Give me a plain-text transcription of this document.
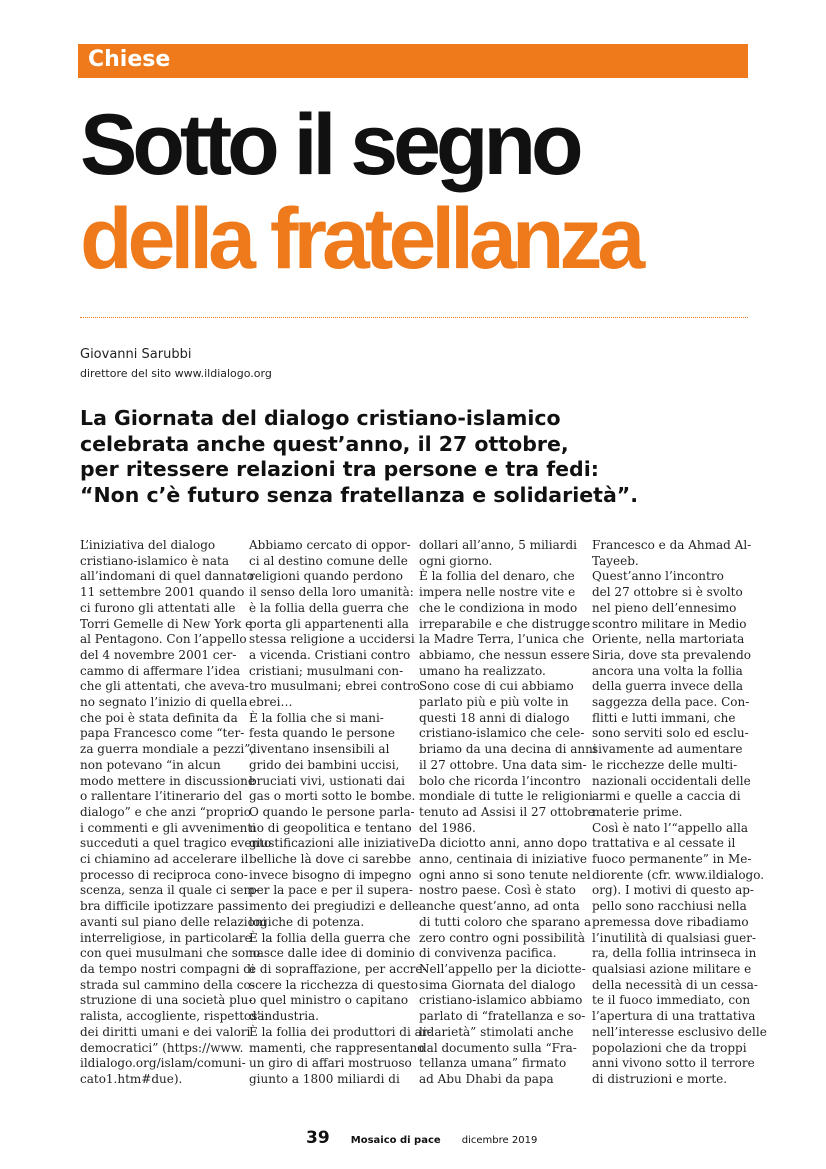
Chiese
Sotto il segno
della fratellanza
Giovanni Sarubbi
direttore del sito www.ildialogo.org
La Giornata del dialogo cristiano-islamico
celebrata anche quest’anno, il 27 ottobre,
per ritessere relazioni tra persone e tra fedi:
“Non c’è futuro senza fratellanza e solidarietà”.
L’iniziativa del dialogo
cristiano-islamico è nata
all’indomani di quel dannato
11 settembre 2001 quando
ci furono gli attentati alle
Torri Gemelle di New York e
al Pentagono. Con l’appello
del 4 novembre 2001 cer-
cammo di affermare l’idea
che gli attentati, che aveva-
no segnato l’inizio di quella
che poi è stata definita da
papa Francesco come “ter-
za guerra mondiale a pezzi”,
non potevano “in alcun
modo mettere in discussione
o rallentare l’itinerario del
dialogo” e che anzi “proprio
i commenti e gli avvenimenti
succeduti a quel tragico evento
ci chiamino ad accelerare il
processo di reciproca cono-
scenza, senza il quale ci sem-
bra difficile ipotizzare passi
avanti sul piano delle relazioni
interreligiose, in particolare
con quei musulmani che sono
da tempo nostri compagni di
strada sul cammino della co-
struzione di una società plu-
ralista, accogliente, rispettosa
dei diritti umani e dei valori
democratici” (https://www.
ildialogo.org/islam/comuni-
cato1.htm#due).
Abbiamo cercato di oppor-
ci al destino comune delle
religioni quando perdono
il senso della loro umanità:
è la follia della guerra che
porta gli appartenenti alla
stessa religione a uccidersi
a vicenda. Cristiani contro
cristiani; musulmani con-
tro musulmani; ebrei contro
ebrei…
È la follia che si mani-
festa quando le persone
diventano insensibili al
grido dei bambini uccisi,
bruciati vivi, ustionati dai
gas o morti sotto le bombe.
O quando le persone parla-
no di geopolitica e tentano
giustificazioni alle iniziative
belliche là dove ci sarebbe
invece bisogno di impegno
per la pace e per il supera-
mento dei pregiudizi e delle
logiche di potenza.
È la follia della guerra che
nasce dalle idee di dominio
e di sopraffazione, per accre-
scere la ricchezza di questo
o quel ministro o capitano
d’industria.
È la follia dei produttori di ar-
mamenti, che rappresentano
un giro di affari mostruoso
giunto a 1800 miliardi di
dollari all’anno, 5 miliardi
ogni giorno.
È la follia del denaro, che
impera nelle nostre vite e
che le condiziona in modo
irreparabile e che distrugge
la Madre Terra, l’unica che
abbiamo, che nessun essere
umano ha realizzato.
Sono cose di cui abbiamo
parlato più e più volte in
questi 18 anni di dialogo
cristiano-islamico che cele-
briamo da una decina di anni
il 27 ottobre. Una data sim-
bolo che ricorda l’incontro
mondiale di tutte le religioni
tenuto ad Assisi il 27 ottobre
del 1986.
Da diciotto anni, anno dopo
anno, centinaia di iniziative
ogni anno si sono tenute nel
nostro paese. Così è stato
anche quest’anno, ad onta
di tutti coloro che sparano a
zero contro ogni possibilità
di convivenza pacifica.
Nell’appello per la diciotte-
sima Giornata del dialogo
cristiano-islamico abbiamo
parlato di “fratellanza e so-
lidarietà” stimolati anche
dal documento sulla “Fra-
tellanza umana” firmato
ad Abu Dhabi da papa
Francesco e da Ahmad Al-
Tayeeb.
Quest’anno l’incontro
del 27 ottobre si è svolto
nel pieno dell’ennesimo
scontro militare in Medio
Oriente, nella martoriata
Siria, dove sta prevalendo
ancora una volta la follia
della guerra invece della
saggezza della pace. Con-
flitti e lutti immani, che
sono serviti solo ed esclu-
sivamente ad aumentare
le ricchezze delle multi-
nazionali occidentali delle
armi e quelle a caccia di
materie prime.
Così è nato l’“appello alla
trattativa e al cessate il
fuoco permanente” in Me-
diorente (cfr. www.ildialogo.
org). I motivi di questo ap-
pello sono racchiusi nella
premessa dove ribadiamo
l’inutilità di qualsiasi guer-
ra, della follia intrinseca in
qualsiasi azione militare e
della necessità di un cessa-
te il fuoco immediato, con
l’apertura di una trattativa
nell’interesse esclusivo delle
popolazioni che da troppi
anni vivono sotto il terrore
di distruzioni e morte.
39 Mosaico di pace dicembre 2019
